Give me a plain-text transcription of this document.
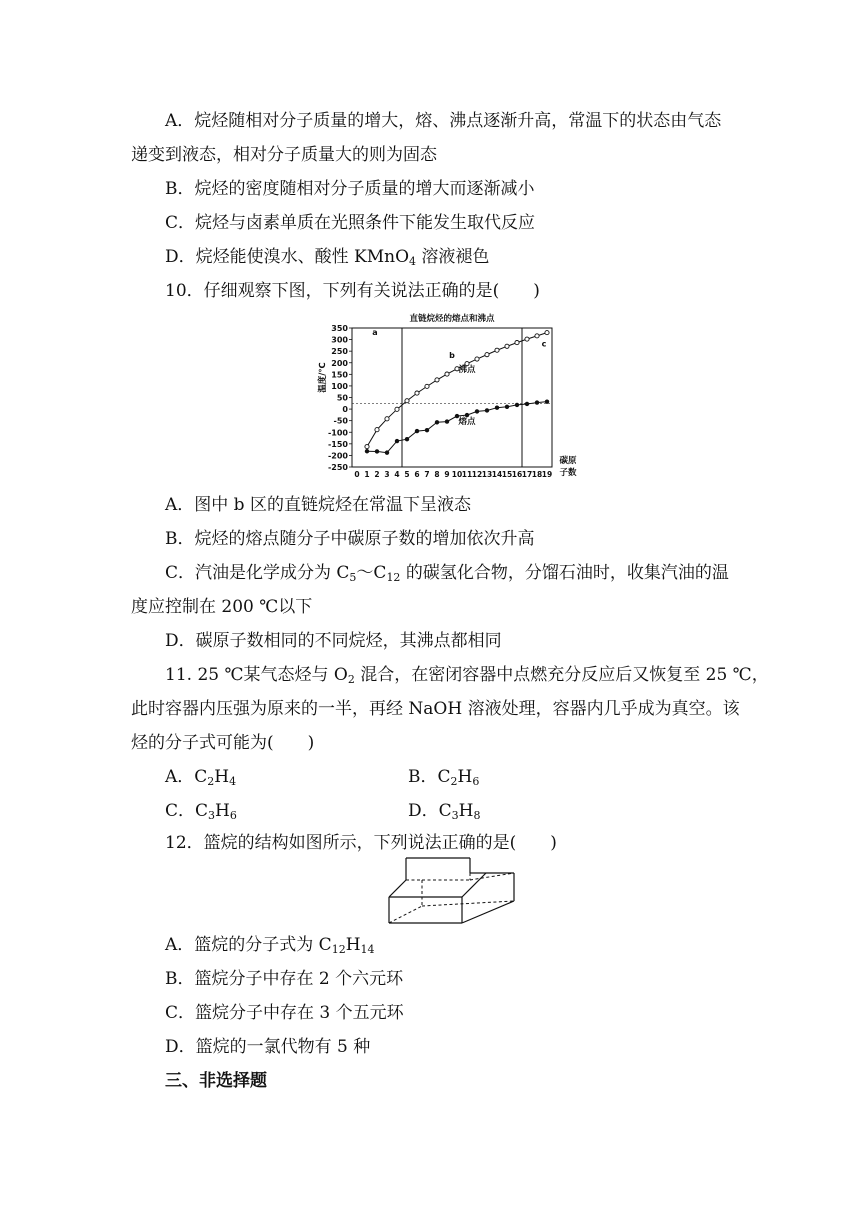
A．烷烃随相对分子质量的增大，熔、沸点逐渐升高，常温下的状态由气态
递变到液态，相对分子质量大的则为固态
B．烷烃的密度随相对分子质量的增大而逐渐减小
C．烷烃与卤素单质在光照条件下能发生取代反应
D．烷烃能使溴水、酸性 KMnO$_4$ 溶液褪色
10．仔细观察下图，下列有关说法正确的是(　　)
直链烷烃的熔点和沸点
350
300
250
200
150
100
50
0
-50
-100
-150
-200
-250
0 1 2 3 4 5 6 7 8 9 10 11 12 13 14 15 16 17 18 19
温度/℃
碳原
子数
a
b
c
沸点
熔点
A．图中 b 区的直链烷烃在常温下呈液态
B．烷烃的熔点随分子中碳原子数的增加依次升高
C．汽油是化学成分为 $C_5\sim C_{12}$ 的碳氢化合物，分馏石油时，收集汽油的温
度应控制在 200 ℃以下
D．碳原子数相同的不同烷烃，其沸点都相同
11. 25 ℃某气态烃与 $O_2$ 混合，在密闭容器中点燃充分反应后又恢复至 25 ℃，
此时容器内压强为原来的一半，再经 NaOH 溶液处理，容器内几乎成为真空。该
烃的分子式可能为(　　)
A．$C_2H_4$	B．$C_2H_6$
C．$C_3H_6$	D．$C_3H_8$
12．篮烷的结构如图所示，下列说法正确的是(　　)
A．篮烷的分子式为 $C_{12}H_{14}$
B．篮烷分子中存在 2 个六元环
C．篮烷分子中存在 3 个五元环
D．篮烷的一氯代物有 5 种
三、非选择题
